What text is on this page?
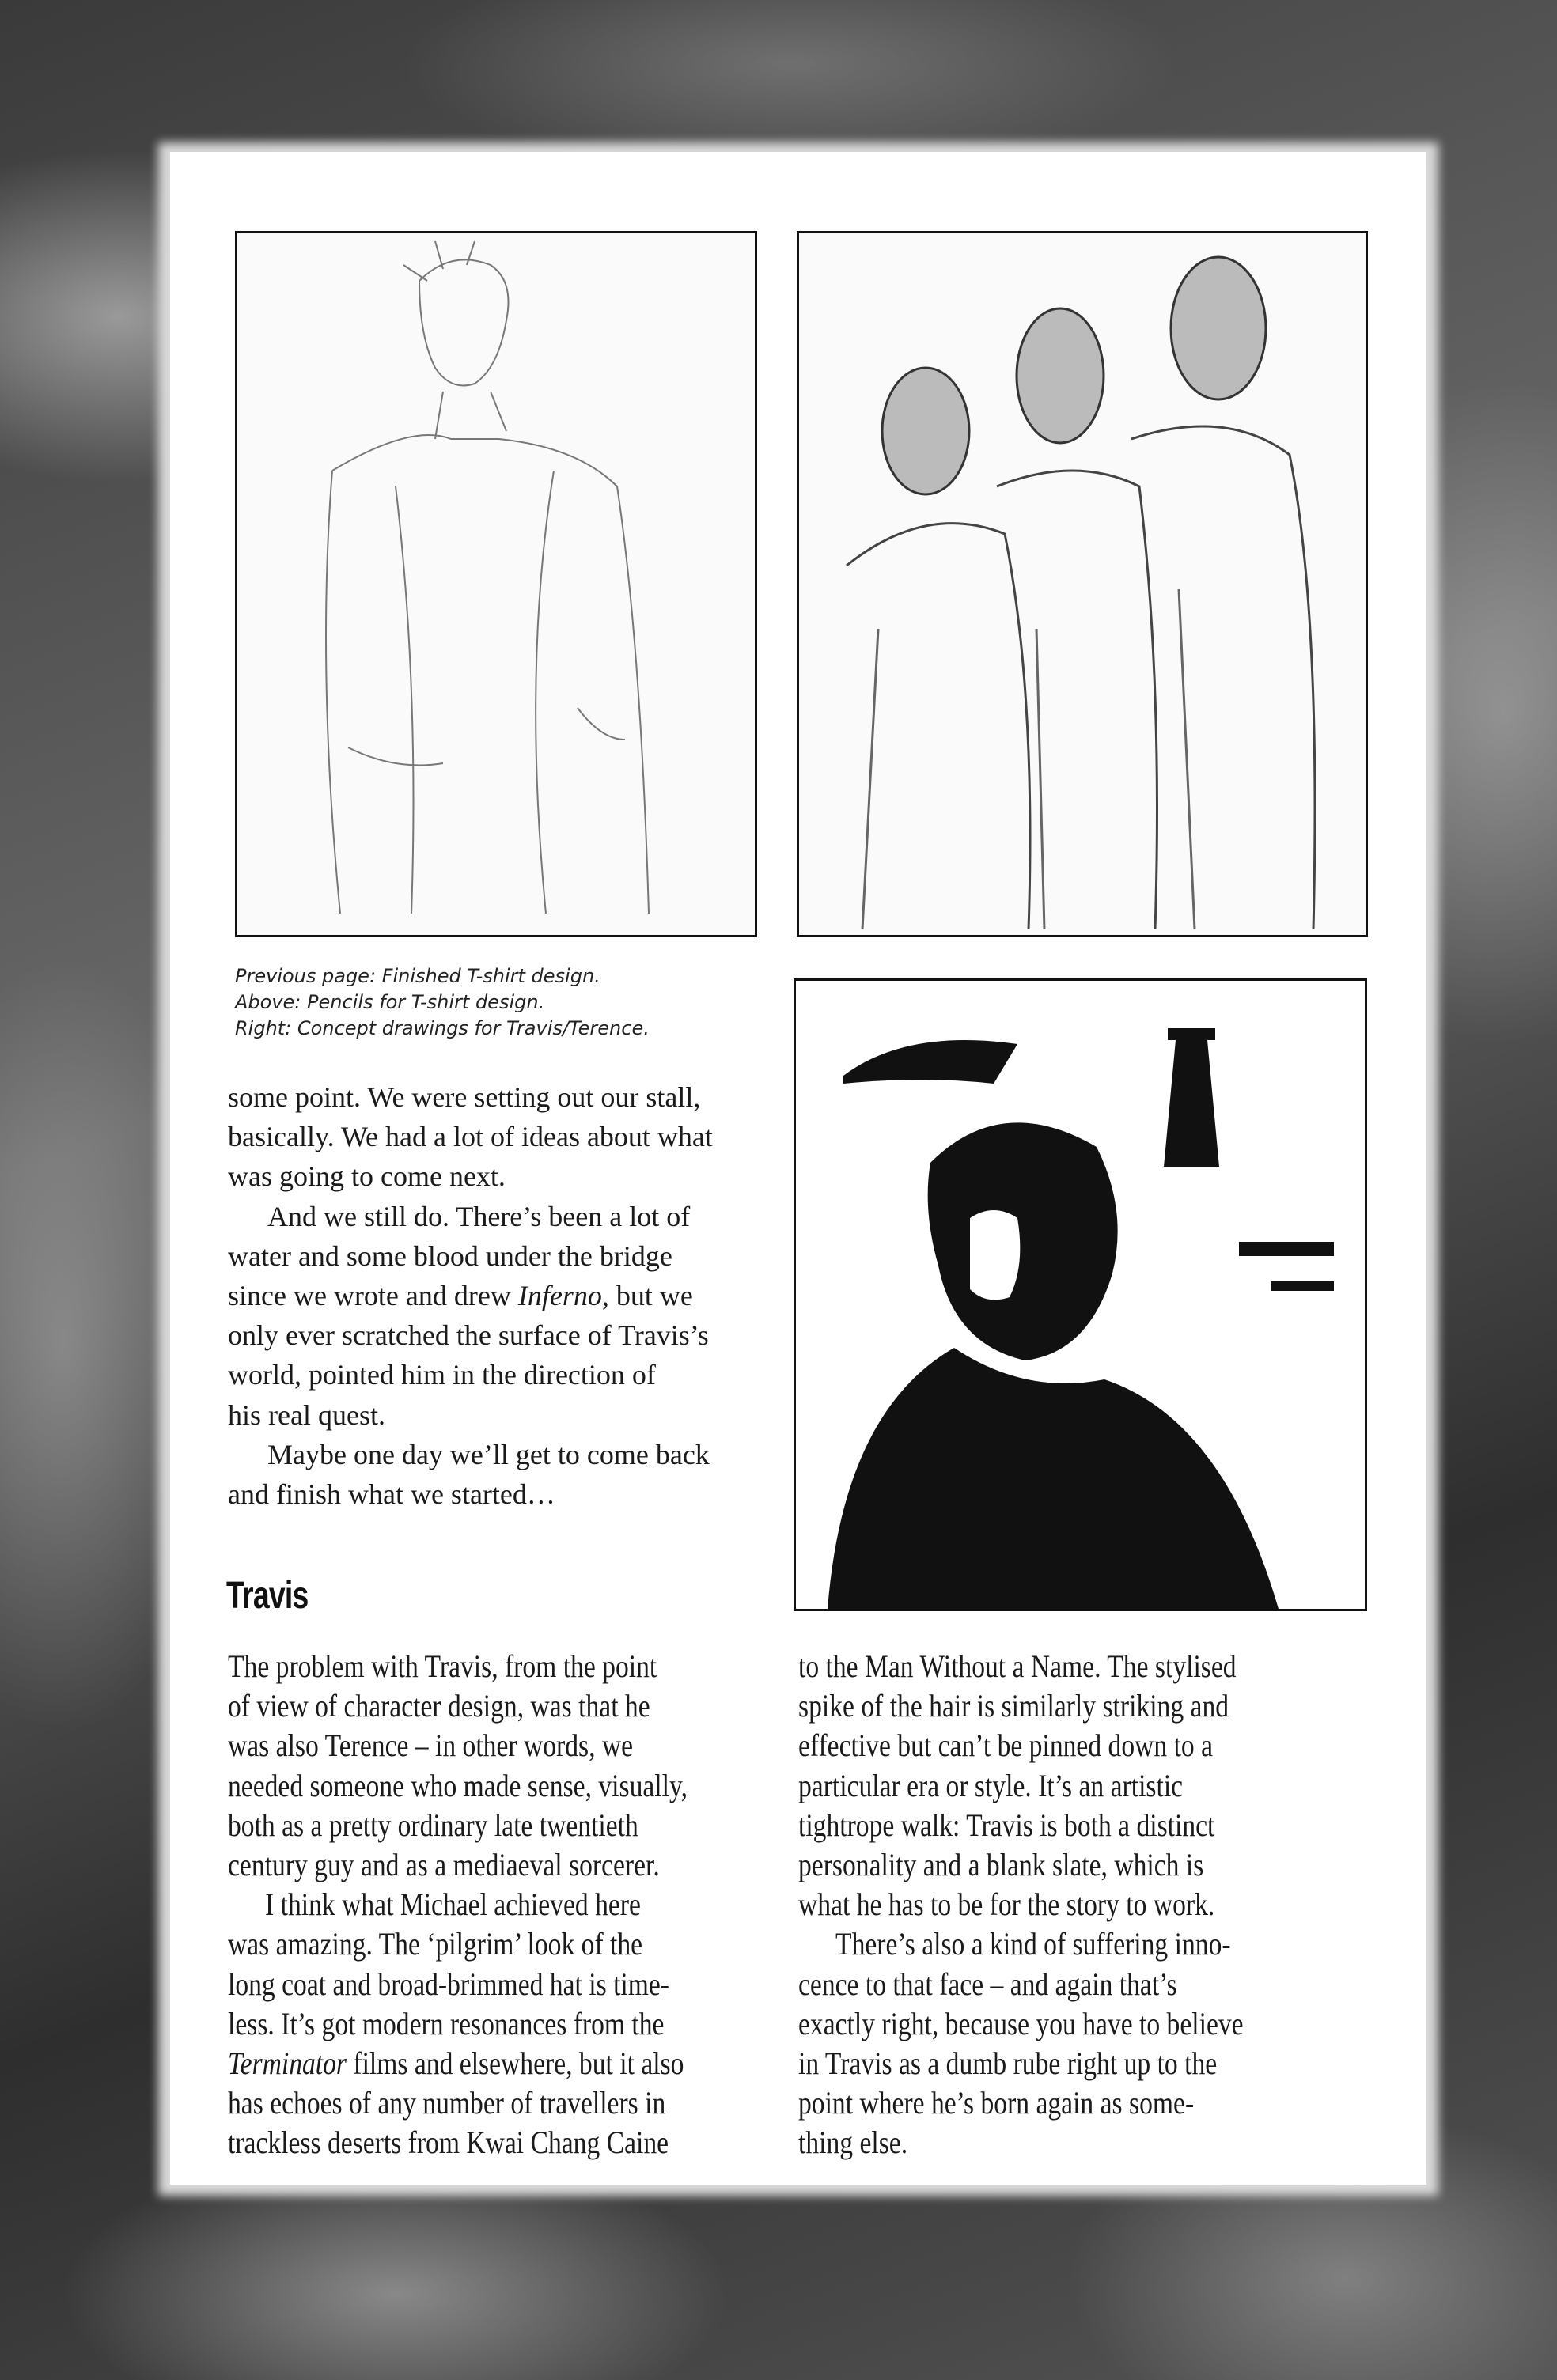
Previous page: Finished T-shirt design.
Above: Pencils for T-shirt design.
Right: Concept drawings for Travis/Terence.
some point. We were setting out our stall,
basically. We had a lot of ideas about what
was going to come next.
And we still do. There’s been a lot of
water and some blood under the bridge
since we wrote and drew Inferno, but we
only ever scratched the surface of Travis’s
world, pointed him in the direction of
his real quest.
Maybe one day we’ll get to come back
and finish what we started…
Travis
The problem with Travis, from the point
of view of character design, was that he
was also Terence – in other words, we
needed someone who made sense, visually,
both as a pretty ordinary late twentieth
century guy and as a mediaeval sorcerer.
I think what Michael achieved here
was amazing. The ‘pilgrim’ look of the
long coat and broad-brimmed hat is time-
less. It’s got modern resonances from the
Terminator films and elsewhere, but it also
has echoes of any number of travellers in
trackless deserts from Kwai Chang Caine
to the Man Without a Name. The stylised
spike of the hair is similarly striking and
effective but can’t be pinned down to a
particular era or style. It’s an artistic
tightrope walk: Travis is both a distinct
personality and a blank slate, which is
what he has to be for the story to work.
There’s also a kind of suffering inno-
cence to that face – and again that’s
exactly right, because you have to believe
in Travis as a dumb rube right up to the
point where he’s born again as some-
thing else.
